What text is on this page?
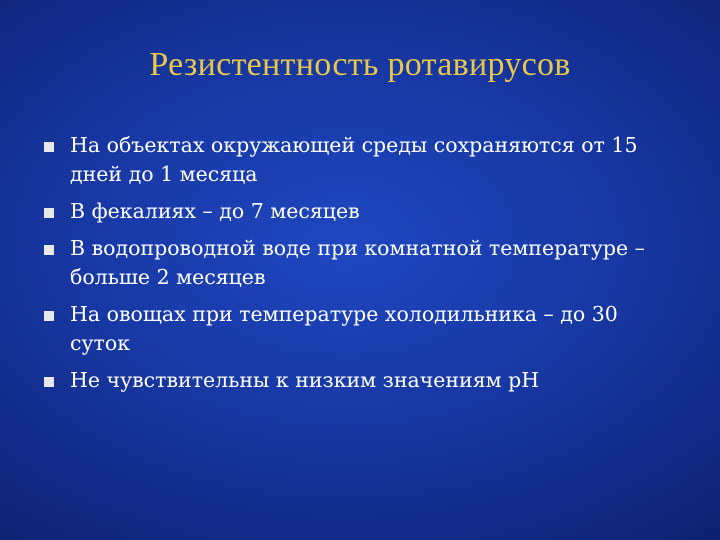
Резистентность ротавирусов
На объектах окружающей среды сохраняются от 15 дней до 1 месяца
В фекалиях – до 7 месяцев
В водопроводной воде при комнатной температуре – больше 2 месяцев
На овощах при температуре холодильника – до 30 суток
Не чувствительны к низким значениям pH
